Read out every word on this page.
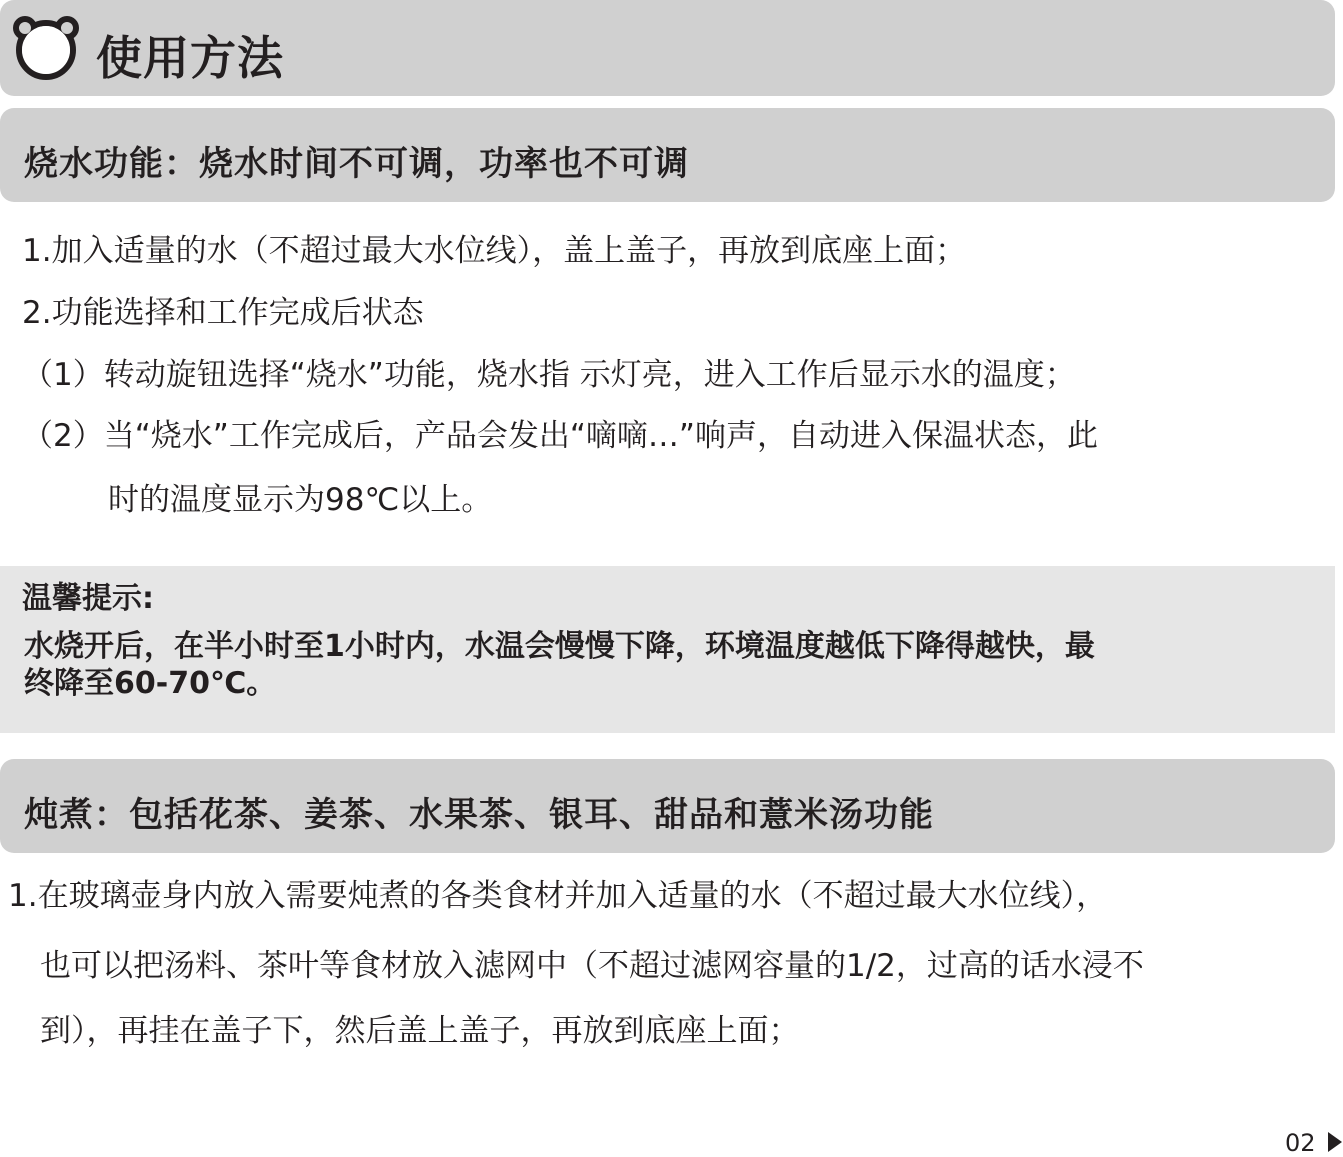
使用方法
烧水功能：烧水时间不可调，功率也不可调
1.加入适量的水（不超过最大水位线），盖上盖子，再放到底座上面；
2.功能选择和工作完成后状态
（1）转动旋钮选择“烧水”功能，烧水指 示灯亮，进入工作后显示水的温度；
（2）当“烧水”工作完成后，产品会发出“嘀嘀…”响声，自动进入保温状态，此
时的温度显示为98℃以上。
温馨提示:
水烧开后，在半小时至1小时内，水温会慢慢下降，环境温度越低下降得越快，最
终降至60-70℃。
炖煮：包括花茶、姜茶、水果茶、银耳、甜品和薏米汤功能
1.在玻璃壶身内放入需要炖煮的各类食材并加入适量的水（不超过最大水位线），
也可以把汤料、茶叶等食材放入滤网中（不超过滤网容量的1/2，过高的话水浸不
到），再挂在盖子下，然后盖上盖子，再放到底座上面；
02
